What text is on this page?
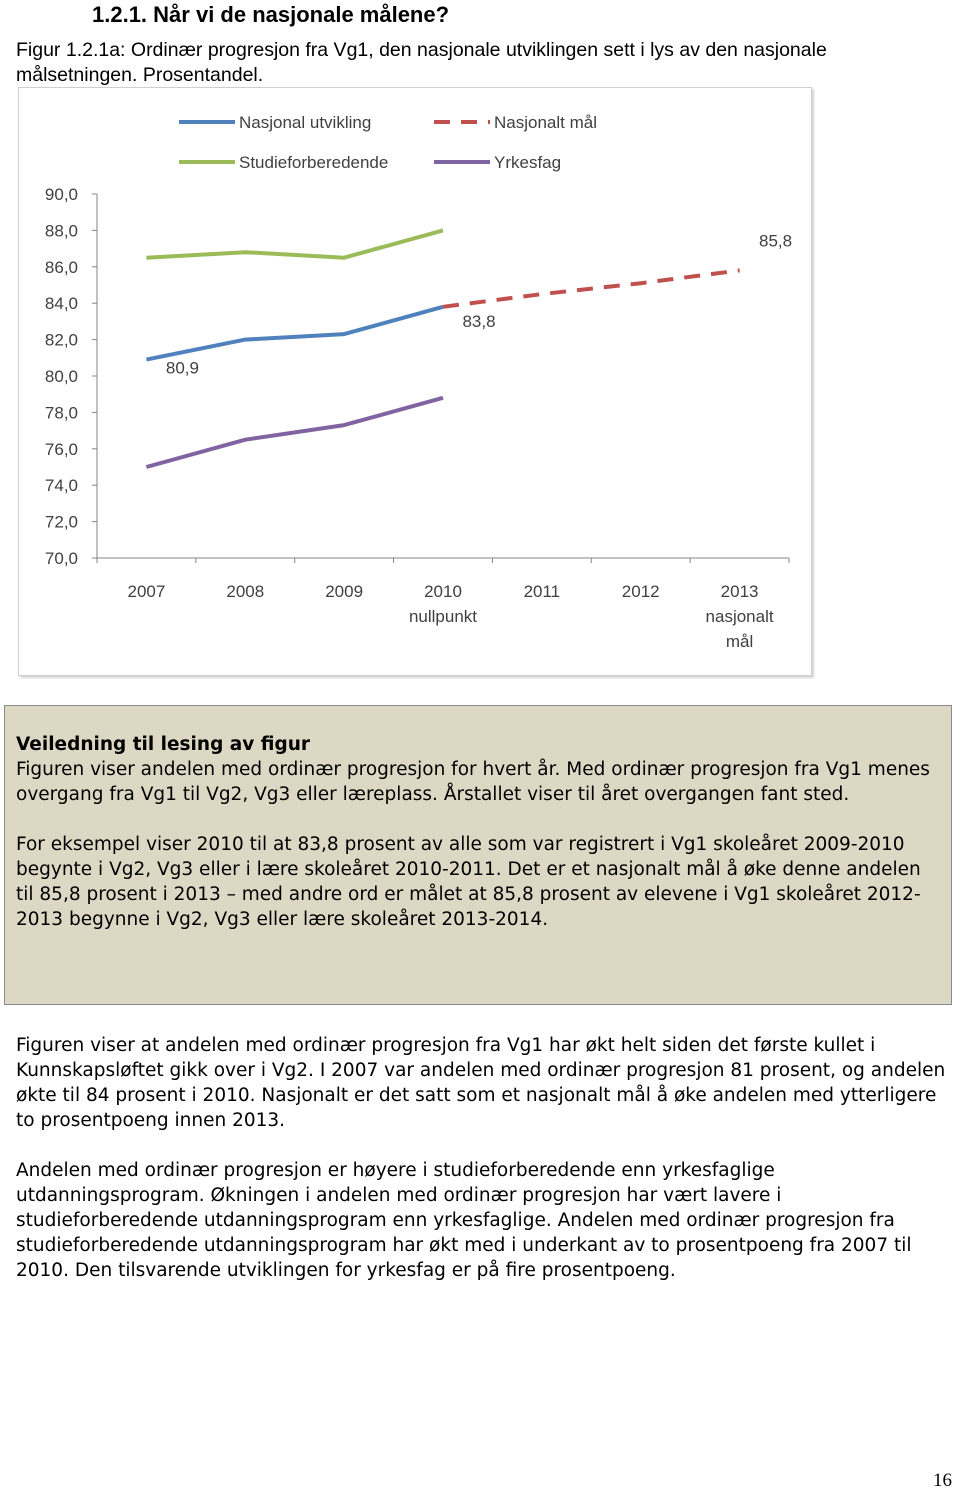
1.2.1. Når vi de nasjonale målene?
Figur 1.2.1a: Ordinær progresjon fra Vg1, den nasjonale utviklingen sett i lys av den nasjonale målsetningen. Prosentandel.
Nasjonal utvikling	Nasjonalt mål
Studieforberedende	Yrkesfag
70,0
72,0
74,0
76,0
78,0
80,0
82,0
84,0
86,0
88,0
90,0
2007	2008	2009	2010 nullpunkt
2011	2012	2013 nasjonalt mål
80,9
83,8
85,8
Veiledning til lesing av figur

Figuren viser andelen med ordinær progresjon for hvert år. Med ordinær progresjon fra Vg1 menes overgang fra Vg1 til Vg2, Vg3 eller læreplass. Årstallet viser til året overgangen fant sted.

For eksempel viser 2010 til at 83,8 prosent av alle som var registrert i Vg1 skoleåret 2009-2010 begynte i Vg2, Vg3 eller i lære skoleåret 2010-2011. Det er et nasjonalt mål å øke denne andelen til 85,8 prosent i 2013 – med andre ord er målet at 85,8 prosent av elevene i Vg1 skoleåret 2012-2013 begynne i Vg2, Vg3 eller lære skoleåret 2013-2014.

Figuren viser at andelen med ordinær progresjon fra Vg1 har økt helt siden det første kullet i Kunnskapsløftet gikk over i Vg2. I 2007 var andelen med ordinær progresjon 81 prosent, og andelen økte til 84 prosent i 2010. Nasjonalt er det satt som et nasjonalt mål å øke andelen med ytterligere to prosentpoeng innen 2013.

Andelen med ordinær progresjon er høyere i studieforberedende enn yrkesfaglige utdanningsprogram. Økningen i andelen med ordinær progresjon har vært lavere i studieforberedende utdanningsprogram enn yrkesfaglige. Andelen med ordinær progresjon fra studieforberedende utdanningsprogram har økt med i underkant av to prosentpoeng fra 2007 til 2010. Den tilsvarende utviklingen for yrkesfag er på fire prosentpoeng.

16
